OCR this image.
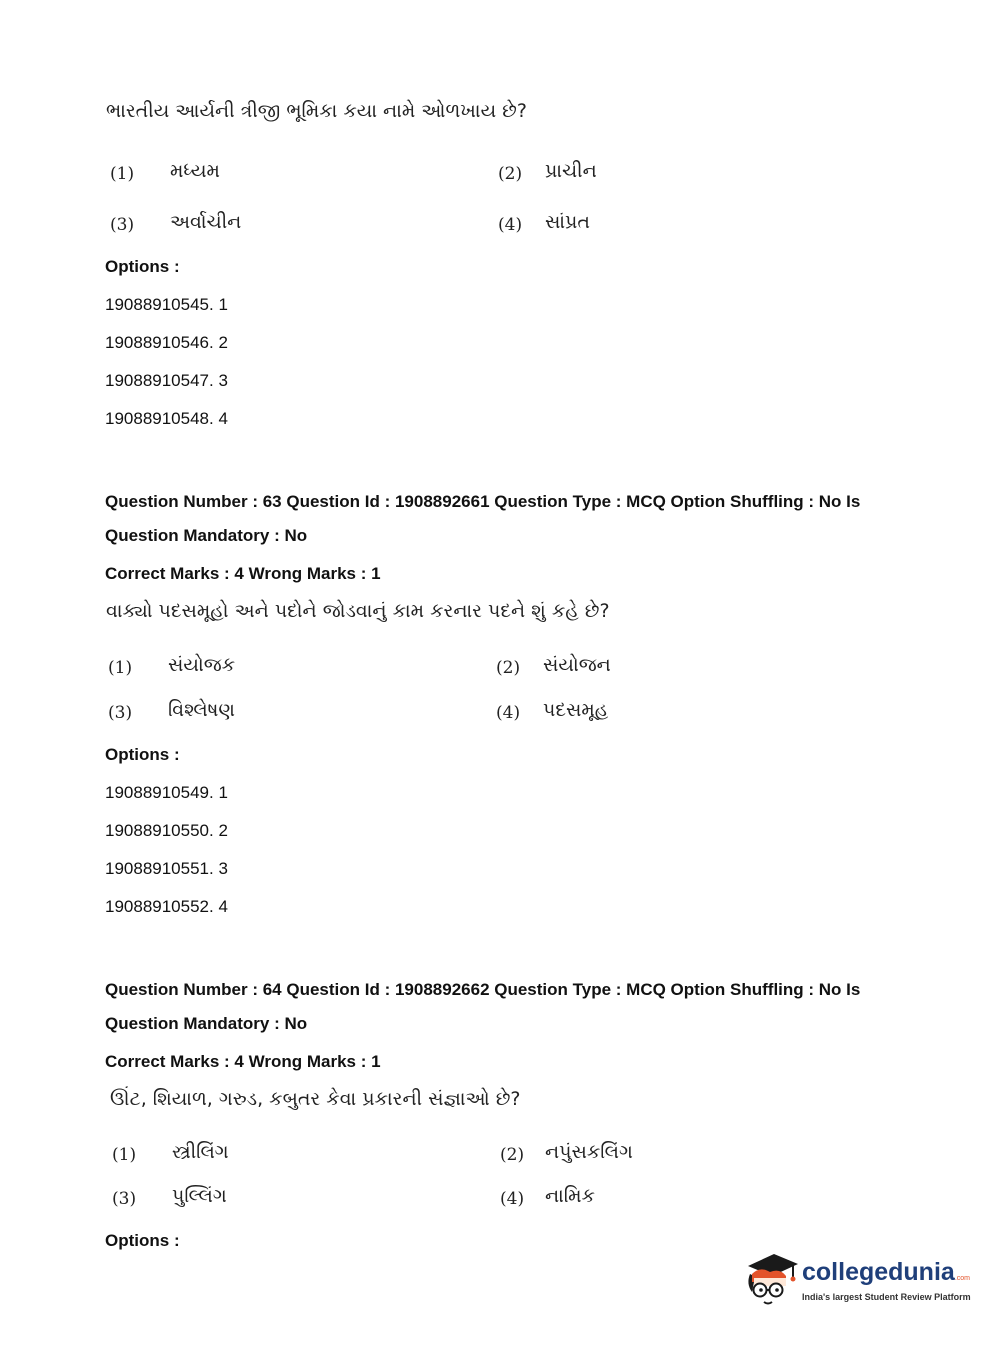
ભારતીય આર્યની ત્રીજી ભૂમિકા કયા નામે ઓળખાય છે?
(1) મધ્યમ	(2) પ્રાચીન
(3) અર્વાચીન	(4) સાંપ્રત
Options :
19088910545. 1
19088910546. 2
19088910547. 3
19088910548. 4
Question Number : 63 Question Id : 1908892661 Question Type : MCQ Option Shuffling : No Is
Question Mandatory : No
Correct Marks : 4 Wrong Marks : 1
વાક્યો પદસમૂહો અને પદોને જોડવાનું કામ કરનાર પદને શું કહે છે?
(1) સંયોજક	(2) સંયોજન
(3) વિશ્લેષણ	(4) પદસમૂહ
Options :
19088910549. 1
19088910550. 2
19088910551. 3
19088910552. 4
Question Number : 64 Question Id : 1908892662 Question Type : MCQ Option Shuffling : No Is
Question Mandatory : No
Correct Marks : 4 Wrong Marks : 1
ઊંટ, શિયાળ, ગરુડ, કબુતર કેવા પ્રકારની સંજ્ઞાઓ છે?
(1) સ્ત્રીલિંગ	(2) નપુંસકલિંગ
(3) પુલ્લિંગ	(4) નામિક
Options :
collegedunia.com
India's largest Student Review Platform
